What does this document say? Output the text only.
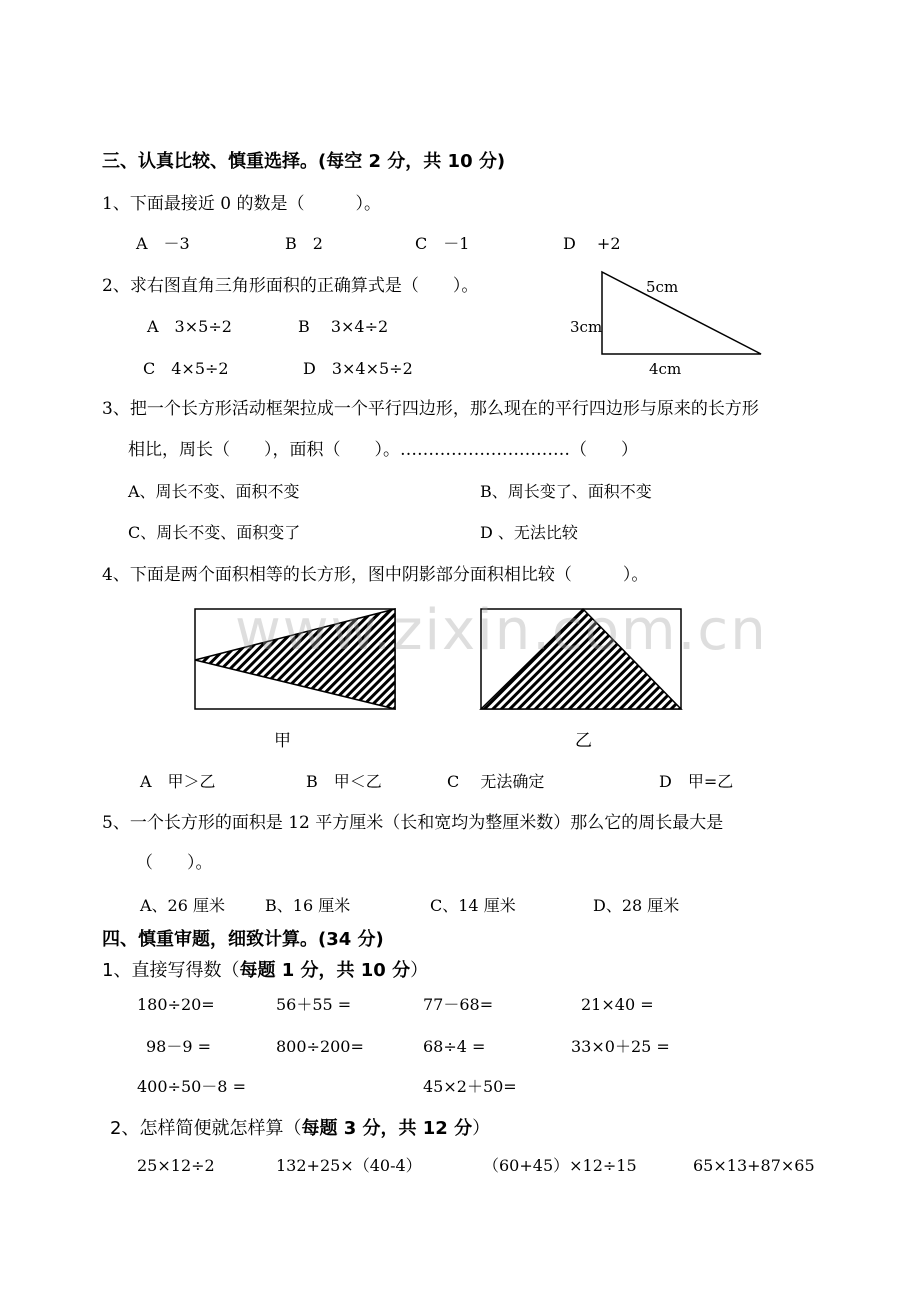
三、认真比较、慎重选择。(每空 2 分，共 10 分)
1、下面最接近 0 的数是（　　　）。
A　－3	B　2	C　－1	D　 +2
2、求右图直角三角形面积的正确算式是（　　）。
A　3×5÷2	B　 3×4÷2
C　4×5÷2	D　3×4×5÷2
5cm
3cm
4cm
3、把一个长方形活动框架拉成一个平行四边形，那么现在的平行四边形与原来的长方形
相比，周长（　　），面积（　　）。…………………………（　　）
A、周长不变、面积不变	B、周长变了、面积不变
C、周长不变、面积变了	D 、无法比较
4、下面是两个面积相等的长方形，图中阴影部分面积相比较（　　　）。
甲	乙
A　甲＞乙	B　甲＜乙	C　 无法确定	D　甲=乙
5、一个长方形的面积是 12 平方厘米（长和宽均为整厘米数）那么它的周长最大是
（　　）。
A、26 厘米 B、16 厘米	C、14 厘米	D、28 厘米
四、慎重审题，细致计算。(34 分)
1、直接写得数（每题 1 分，共 10 分）
180÷20=	56＋55 =	77－68=	21×40 =
98－9 =	800÷200=	68÷4 =	33×0＋25 =
400÷50－8 =	45×2＋50=
2、怎样简便就怎样算（每题 3 分，共 12 分）
25×12÷2	132+25×（40-4）	（60+45）×12÷15	65×13+87×65
www.zixin.com.cn
